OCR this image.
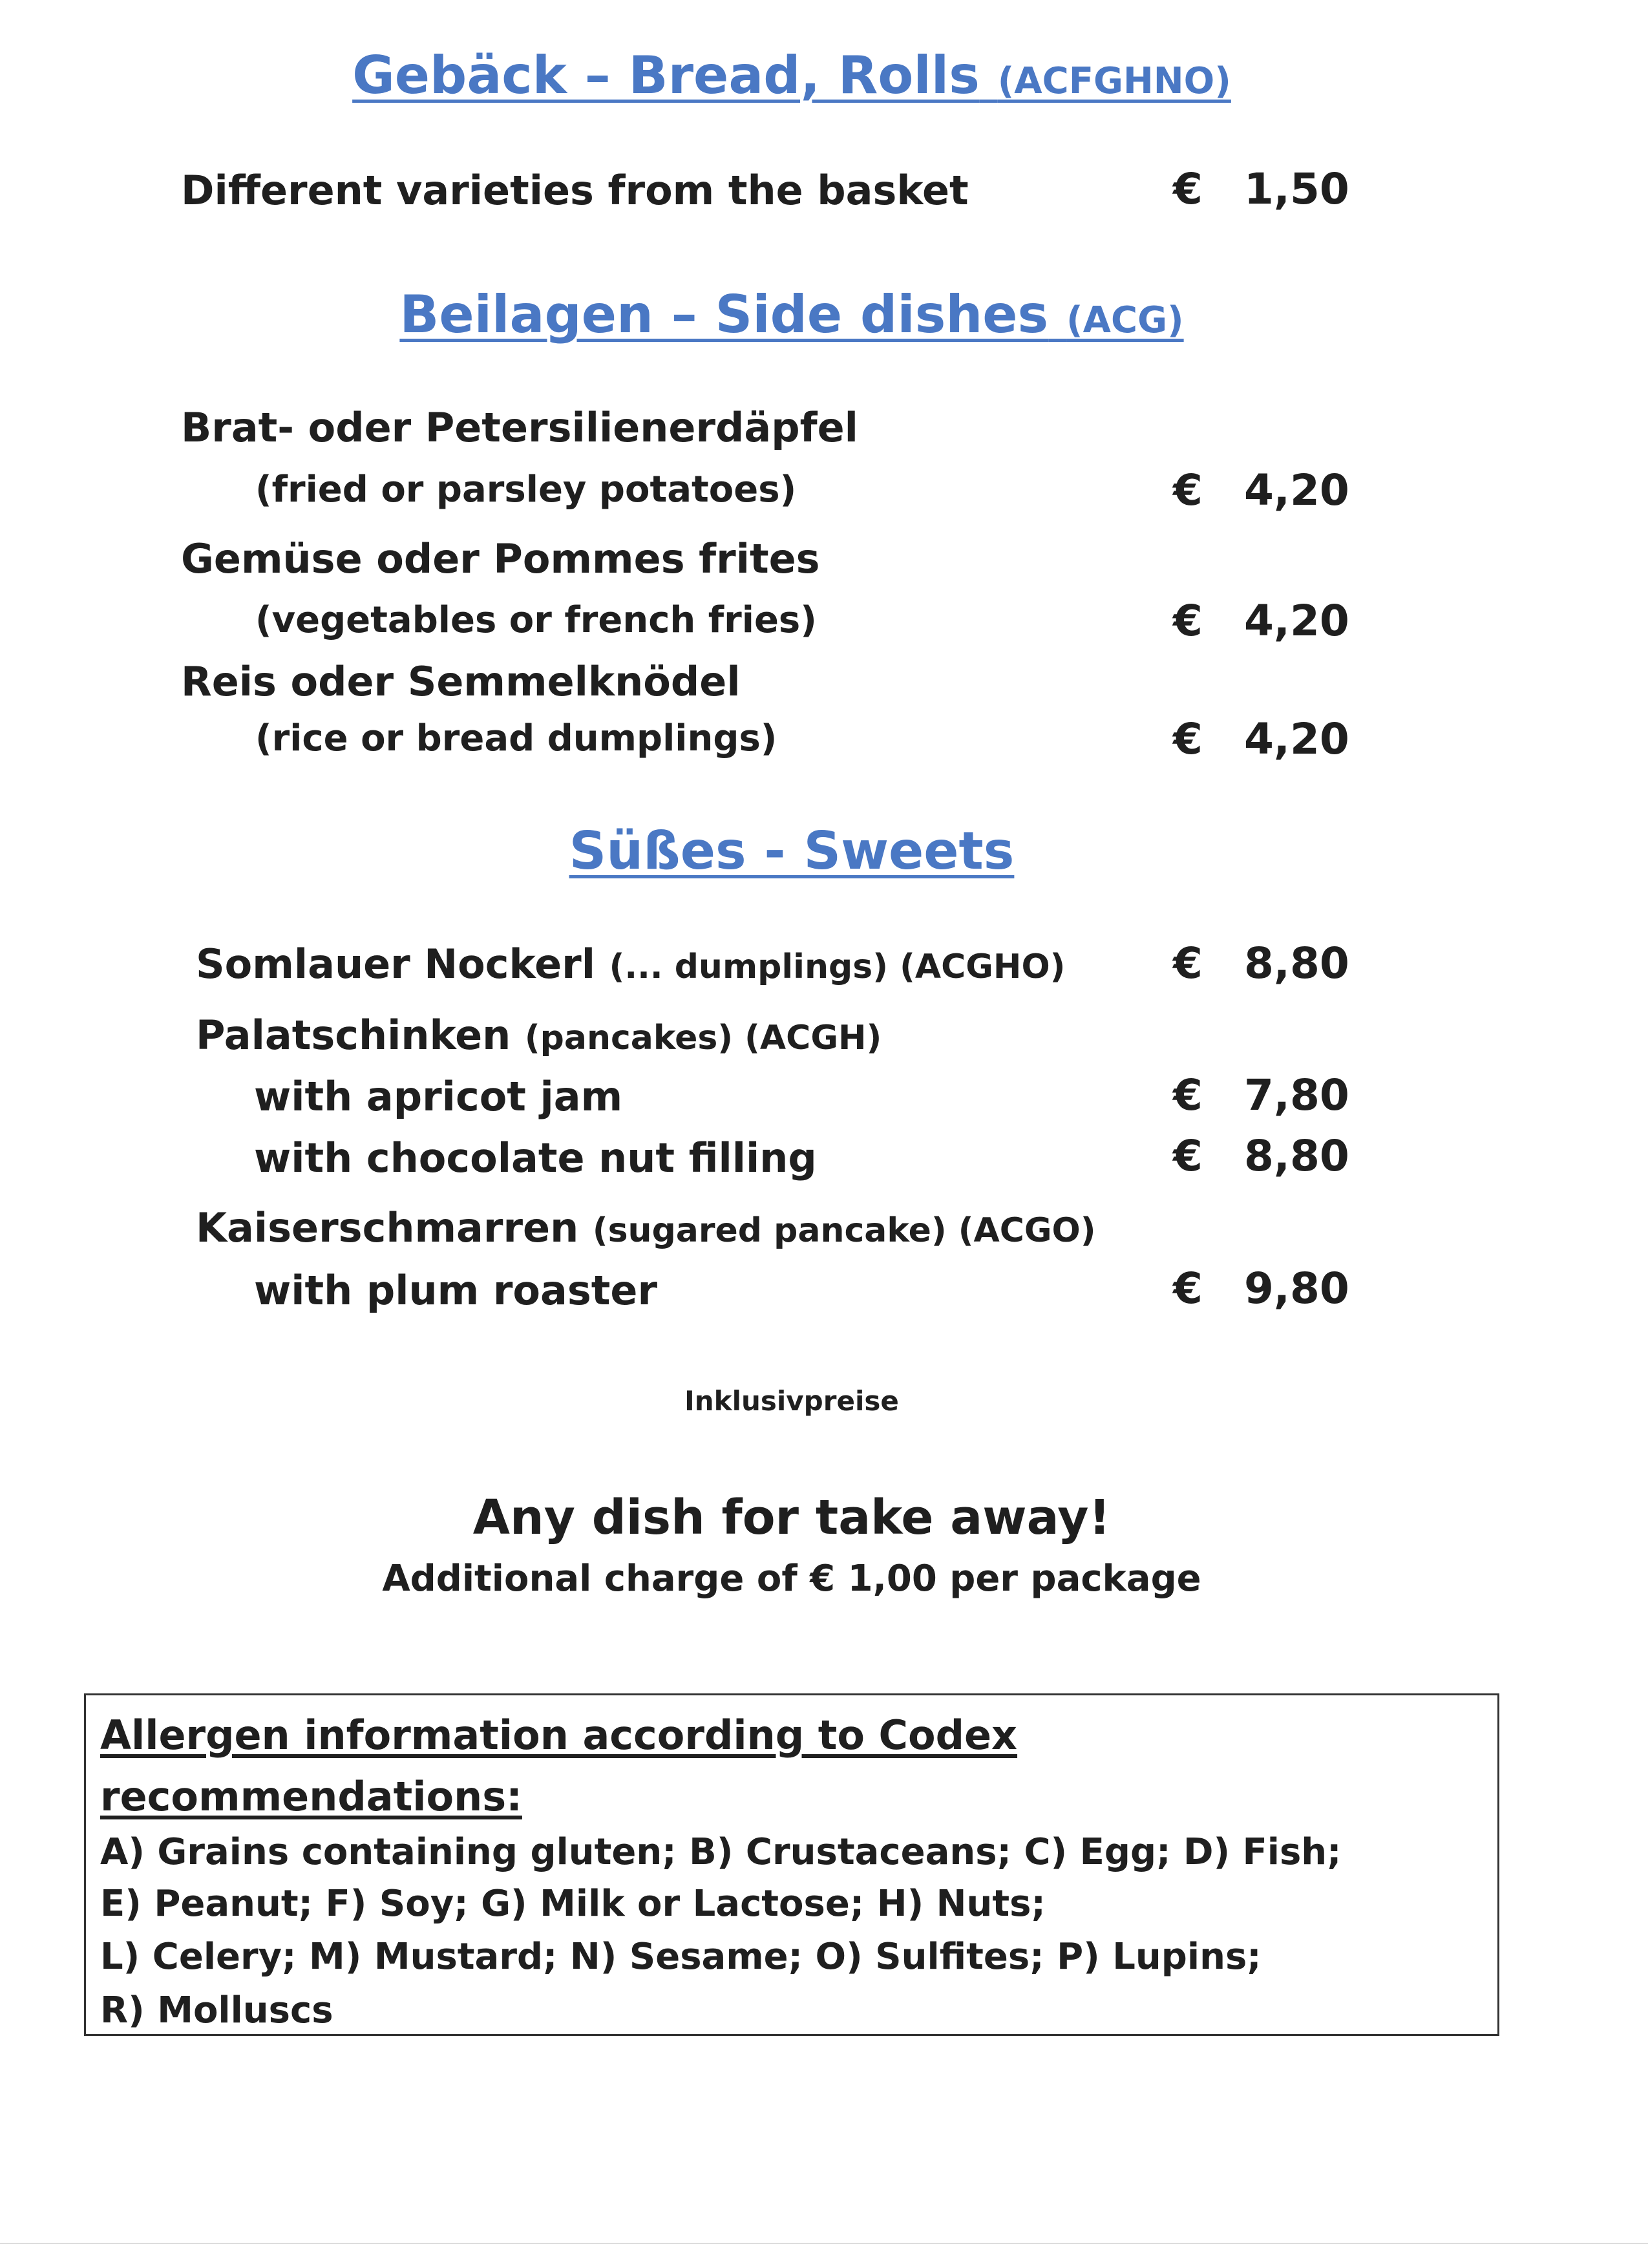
Gebäck – Bread, Rolls (ACFGHNO)
Different varieties from the basket	€ 1,50
Beilagen – Side dishes (ACG)
Brat- oder Petersilienerdäpfel
(fried or parsley potatoes)	€ 4,20
Gemüse oder Pommes frites
(vegetables or french fries)	€ 4,20
Reis oder Semmelknödel
(rice or bread dumplings)	€ 4,20
Süßes - Sweets
Somlauer Nockerl (... dumplings) (ACGHO)	€ 8,80
Palatschinken (pancakes) (ACGH)
with apricot jam	€ 7,80
with chocolate nut filling	€ 8,80
Kaiserschmarren (sugared pancake) (ACGO)
with plum roaster	€ 9,80
Inklusivpreise
Any dish for take away!
Additional charge of € 1,00 per package
Allergen information according to Codex
recommendations:
A) Grains containing gluten; B) Crustaceans; C) Egg; D) Fish;
E) Peanut; F) Soy; G) Milk or Lactose; H) Nuts;
L) Celery; M) Mustard; N) Sesame; O) Sulfites; P) Lupins;
R) Molluscs
